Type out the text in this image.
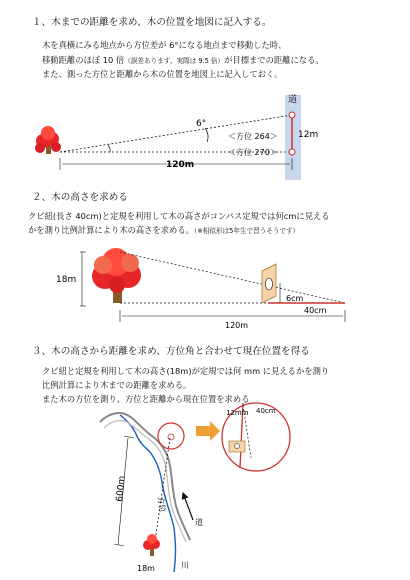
１、木までの距離を求め、木の位置を地図に記入する。
木を真横にみる地点から方位差が 6°になる地点まで移動した時、
移動距離のほぼ 10 倍（誤差あります、実際は 9.5 倍）が目標までの距離になる。
また、測った方位と距離から木の位置を地図上に記入しておく。
２、木の高さを求める
クビ紐(長さ 40cm)と定規を利用して木の高さがコンパス定規では何cmに見える
かを測り比例計算により木の高さを求める。（※相似形は5年生で習うそうです）
３、木の高さから距離を求め、方位角と合わせて現在位置を得る
クビ紐と定規を利用して木の高さ(18m)が定規では何 mm に見えるかを測り
比例計算により木までの距離を求める。
また木の方位を測り、方位と距離から現在位置を求める
道
6°
＜方位 264＞
＜方位 270＞
12m
120m
18m
6cm
40cm
120m
道
川
方位
600m
18m
12mm 40cm
